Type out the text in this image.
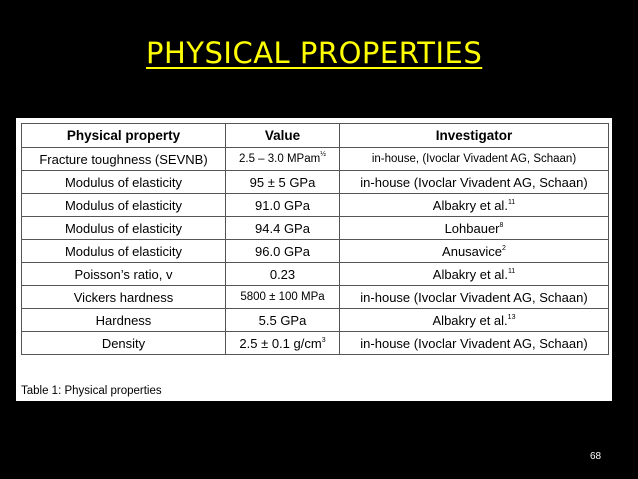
PHYSICAL PROPERTIES
Physical property	Value	Investigator
Fracture toughness (SEVNB)	2.5 – 3.0 MPam$^{\frac{1}{2}}$	in-house, (Ivoclar Vivadent AG, Schaan)
Modulus of elasticity	95 ± 5 GPa	in-house (Ivoclar Vivadent AG, Schaan)
Modulus of elasticity	91.0 GPa	Albakry et al.$^{11}$
Modulus of elasticity	94.4 GPa	Lohbauer$^8$
Modulus of elasticity	96.0 GPa	Anusavice$^2$
Poisson’s ratio, v	0.23	Albakry et al.$^{11}$
Vickers hardness	5800 ± 100 MPa	in-house (Ivoclar Vivadent AG, Schaan)
Hardness	5.5 GPa	Albakry et al.$^{13}$
Density	2.5 ± 0.1 $g/cm^3$	in-house (Ivoclar Vivadent AG, Schaan)
Table 1: Physical properties
68
